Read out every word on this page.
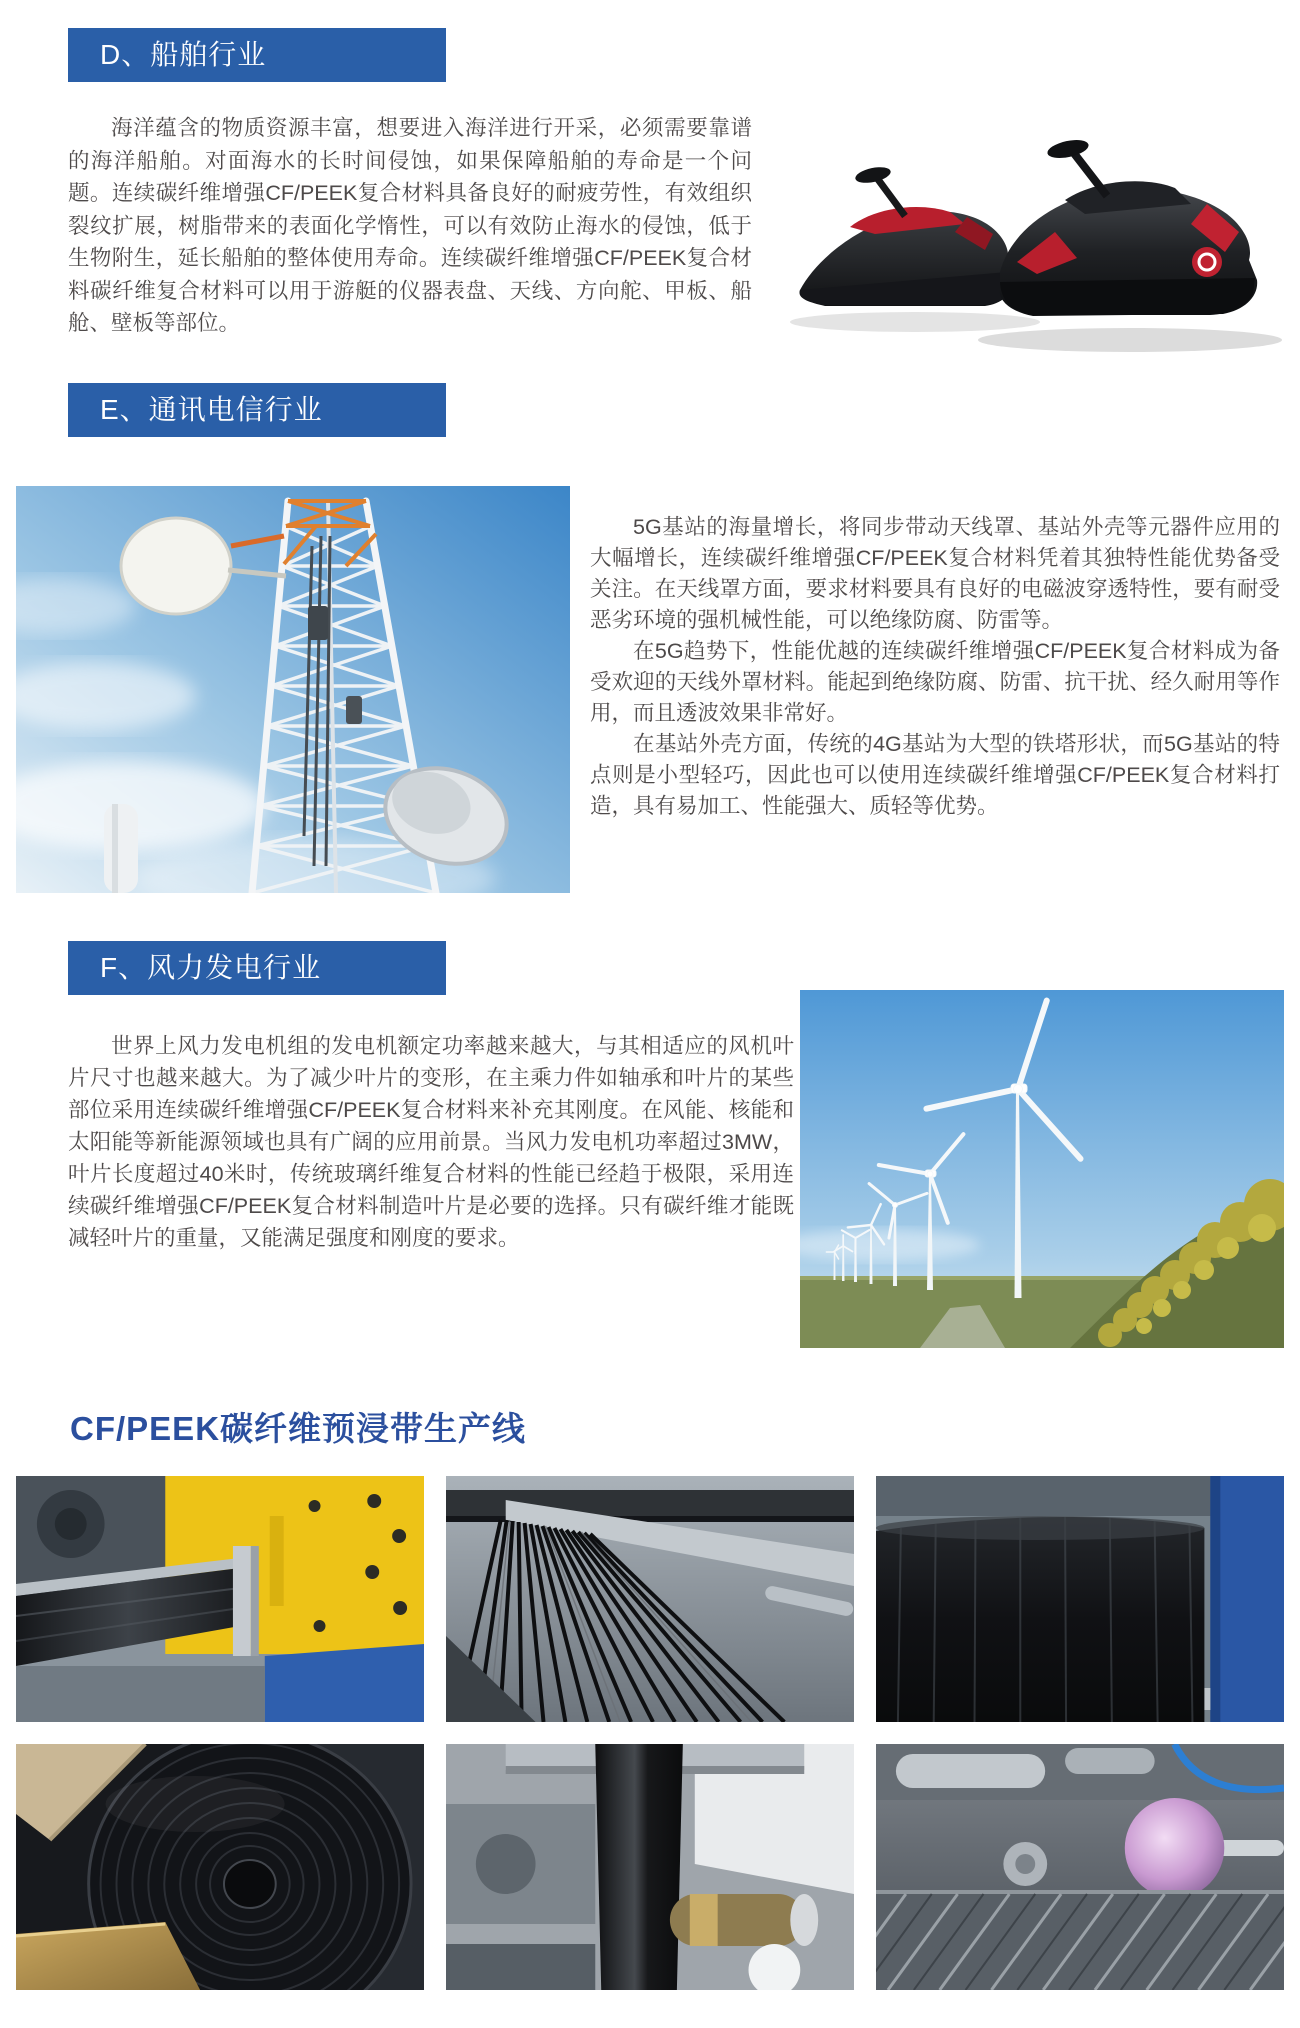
D、船舶行业

海洋蕴含的物质资源丰富，想要进入海洋进行开采，必须需要靠谱的海洋船舶。对面海水的长时间侵蚀，如果保障船舶的寿命是一个问题。连续碳纤维增强CF/PEEK复合材料具备良好的耐疲劳性，有效组织裂纹扩展，树脂带来的表面化学惰性，可以有效防止海水的侵蚀，低于生物附生，延长船舶的整体使用寿命。连续碳纤维增强CF/PEEK复合材料碳纤维复合材料可以用于游艇的仪器表盘、天线、方向舵、甲板、船舱、壁板等部位。

E、通讯电信行业

5G基站的海量增长，将同步带动天线罩、基站外壳等元器件应用的大幅增长，连续碳纤维增强CF/PEEK复合材料凭着其独特性能优势备受关注。在天线罩方面，要求材料要具有良好的电磁波穿透特性，要有耐受恶劣环境的强机械性能，可以绝缘防腐、防雷等。

在5G趋势下，性能优越的连续碳纤维增强CF/PEEK复合材料成为备受欢迎的天线外罩材料。能起到绝缘防腐、防雷、抗干扰、经久耐用等作用，而且透波效果非常好。

在基站外壳方面，传统的4G基站为大型的铁塔形状，而5G基站的特点则是小型轻巧，因此也可以使用连续碳纤维增强CF/PEEK复合材料打造，具有易加工、性能强大、质轻等优势。

F、风力发电行业

世界上风力发电机组的发电机额定功率越来越大，与其相适应的风机叶片尺寸也越来越大。为了减少叶片的变形，在主乘力件如轴承和叶片的某些部位采用连续碳纤维增强CF/PEEK复合材料来补充其刚度。在风能、核能和太阳能等新能源领域也具有广阔的应用前景。当风力发电机功率超过3MW，叶片长度超过40米时，传统玻璃纤维复合材料的性能已经趋于极限，采用连续碳纤维增强CF/PEEK复合材料制造叶片是必要的选择。只有碳纤维才能既减轻叶片的重量，又能满足强度和刚度的要求。

CF/PEEK碳纤维预浸带生产线
